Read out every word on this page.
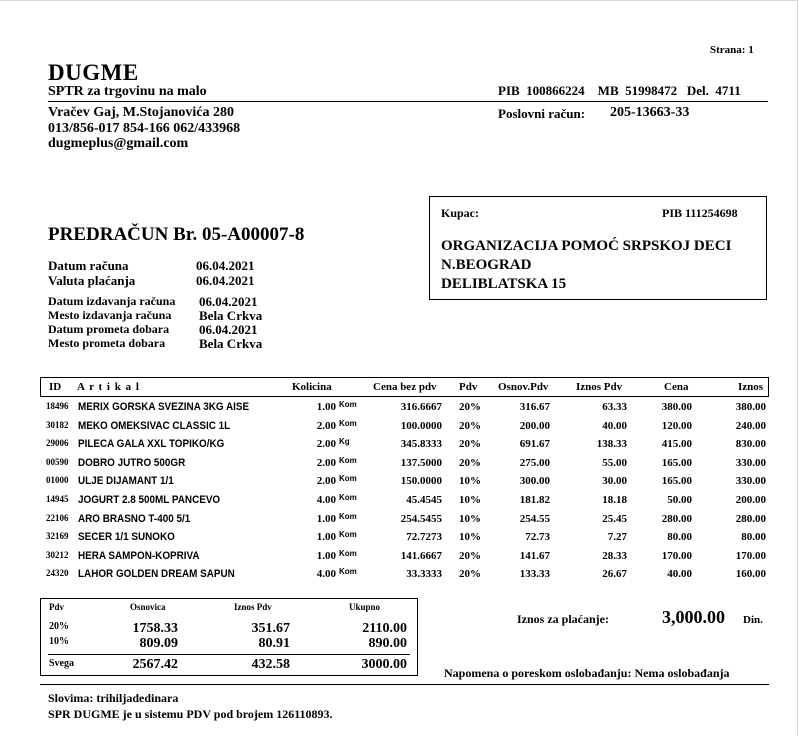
Strana: 1
DUGME
SPTR za trgovinu na malo
Vračev Gaj, M.Stojanovića 280
013/856-017 854-166 062/433968
dugmeplus@gmail.com
PIB 100866224 MB 51998472 Del. 4711
Poslovni račun: 205-13663-33
Kupac:	PIB 111254698
ORGANIZACIJA POMOĆ SRPSKOJ DECI
N.BEOGRAD
DELIBLATSKA 15
PREDRAČUN Br. 05-A00007-8
Datum računa	06.04.2021
Valuta plaćanja	06.04.2021
Datum izdavanja računa 06.04.2021
Mesto izdavanja računa Bela Crkva
Datum prometa dobara 06.04.2021
Mesto prometa dobara	Bela Crkva
ID A r t i k a l	Kolicina	Cena bez pdv Pdv Osnov.Pdv	Iznos Pdv	Cena	Iznos
18496 MERIX GORSKA SVEZINA 3KG AISE	1.00	316.6667 20%	316.67	63.33	380.00	380.00
Kom
30182 MEKO OMEKSIVAC CLASSIC 1L	2.00	100.0000 20%	200.00	40.00	120.00	240.00
Kom
29006 PILECA GALA XXL TOPIKO/KG	2.00	345.8333 20%	691.67	138.33	415.00	830.00
Kg
00590 DOBRO JUTRO 500GR	2.00	137.5000 20%	275.00	55.00	165.00	330.00
Kom
01000 ULJE DIJAMANT 1/1	2.00	150.0000 10%	300.00	30.00	165.00	330.00
Kom
14945 JOGURT 2.8 500ML PANCEVO	4.00	45.4545 10%	181.82	18.18	50.00	200.00
Kom
22106 ARO BRASNO T-400 5/1	1.00	254.5455 10%	254.55	25.45	280.00	280.00
Kom
32169 SECER 1/1 SUNOKO	1.00	72.7273 10%	72.73	7.27	80.00	80.00
Kom
30212 HERA SAMPON-KOPRIVA	1.00	141.6667 20%	141.67	28.33	170.00	170.00
Kom
24320 LAHOR GOLDEN DREAM SAPUN	4.00	33.3333 20%	133.33	26.67	40.00	160.00
Kom
Pdv	Osnovica	Iznos Pdv	Ukupno
20%	1758.33	351.67	2110.00
10%	809.09	80.91	890.00
Svega	2567.42	432.58	3000.00
Iznos za plaćanje:	3,000.00 Din.
Napomena o poreskom oslobađanju: Nema oslobađanja
Slovima: trihiljadedinara
SPR DUGME je u sistemu PDV pod brojem 126110893.
